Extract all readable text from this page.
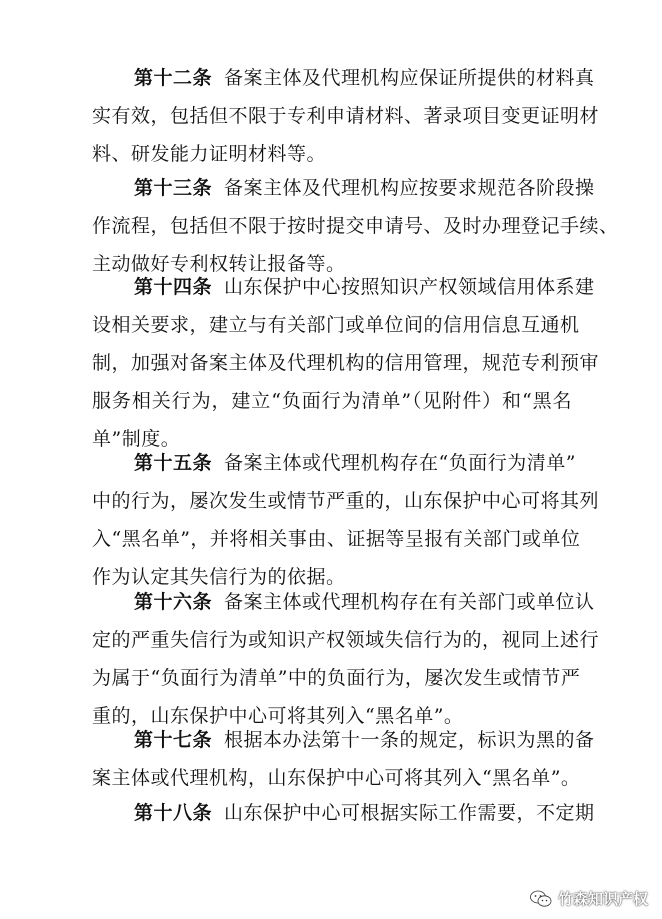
第十二条 备案主体及代理机构应保证所提供的材料真
实有效，包括但不限于专利申请材料、著录项目变更证明材
料、研发能力证明材料等。
第十三条 备案主体及代理机构应按要求规范各阶段操
作流程，包括但不限于按时提交申请号、及时办理登记手续、
主动做好专利权转让报备等。
第十四条 山东保护中心按照知识产权领域信用体系建
设相关要求，建立与有关部门或单位间的信用信息互通机
制，加强对备案主体及代理机构的信用管理，规范专利预审
服务相关行为，建立“负面行为清单”（见附件）和“黑名
单”制度。
第十五条 备案主体或代理机构存在“负面行为清单”
中的行为，屡次发生或情节严重的，山东保护中心可将其列
入“黑名单”，并将相关事由、证据等呈报有关部门或单位
作为认定其失信行为的依据。
第十六条 备案主体或代理机构存在有关部门或单位认
定的严重失信行为或知识产权领域失信行为的，视同上述行
为属于“负面行为清单”中的负面行为，屡次发生或情节严
重的，山东保护中心可将其列入“黑名单”。
第十七条 根据本办法第十一条的规定，标识为黑的备
案主体或代理机构，山东保护中心可将其列入“黑名单”。
第十八条 山东保护中心可根据实际工作需要，不定期
竹森知识产权
